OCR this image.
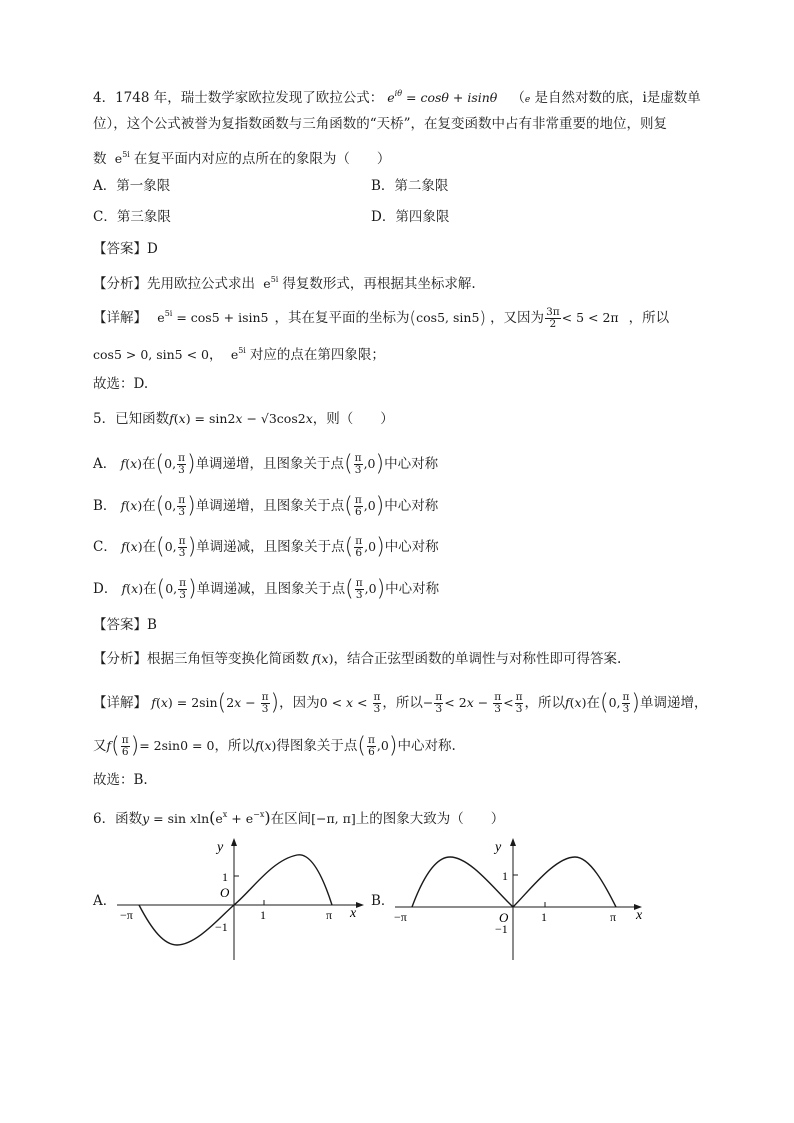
4．1748 年，瑞士数学家欧拉发现了欧拉公式： $e^{i\theta} = \cos\theta + isin\theta$ （e 是自然对数的底，i是虚数单
位），这个公式被誉为复指数函数与三角函数的“天桥”，在复变函数中占有非常重要的地位，则复
数 $e^{5i}$ 在复平面内对应的点所在的象限为（　　）
A．第一象限	B．第二象限
C．第三象限	D．第四象限
【答案】D
【分析】先用欧拉公式求出 $e^{5i}$ 得复数形式，再根据其坐标求解.
【详解】 $e^{5i} = \cos 5 + isin5$ ，其在复平面的坐标为(cos5, sin5) ，又因为 $\frac{3\pi}{2} < 5 < 2\pi$ ，所以
cos5 > 0, sin5 < 0， $e^{5i}$ 对应的点在第四象限；
故选：D.
5．已知函数f(x) = sin2x − √3cos2x，则（　　）
A． f(x)在(0, $\frac{\pi}{3}$ )单调递增，且图象关于点( $\frac{\pi}{3} ,0$)中心对称
B． f(x)在(0, $\frac{\pi}{3}$ )单调递增，且图象关于点( $\frac{\pi}{6} ,0$)中心对称
C． f(x)在(0, $\frac{\pi}{3}$ )单调递减，且图象关于点( $\frac{\pi}{6} ,0$)中心对称
D． f(x)在(0, $\frac{\pi}{3}$ )单调递减，且图象关于点( $\frac{\pi}{3} ,0$)中心对称
【答案】B
【分析】根据三角恒等变换化简函数 f(x)，结合正弦型函数的单调性与对称性即可得答案.
【详解】 $f(x) = 2\sin(2x - \frac{\pi}{3}$ )，因为$0 < x < \frac{\pi}{3}$ ，所以− $\frac{\pi}{3} < 2x - \frac{\pi}{3} < \frac{\pi}{3}$ ，所以f(x)在(0, $\frac{\pi}{3}$ )单调递增，
又$f( \frac{\pi}{6}$ )= 2sin0 = 0，所以f(x)得图象关于点( $\frac{\pi}{6} ,0$)中心对称.
故选：B.
6．函数$y = \sin xln(e^x + e^{-x})$在区间[−π, π]上的图象大致为（　　）
A．
y
x
O
1
−1
1	π
−π
B．
y
x
O
1
−1
1	π
−π
